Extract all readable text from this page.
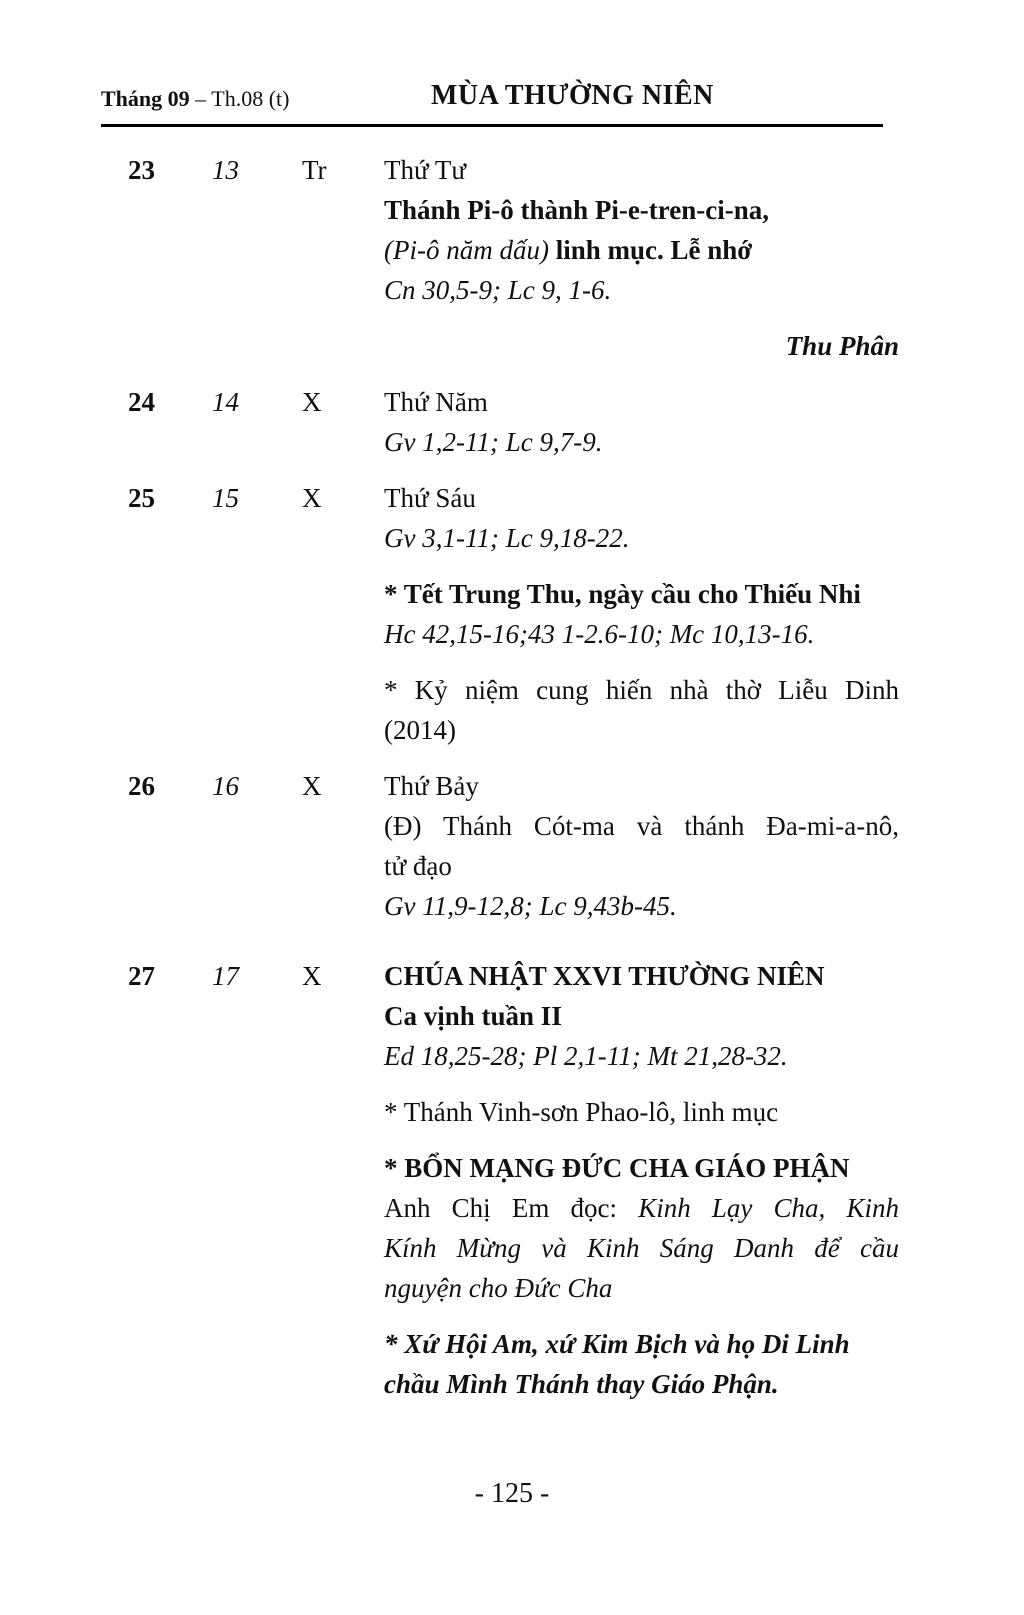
Tháng 09 – Th.08 (t)	MÙA THƯỜNG NIÊN
23	13	Tr	Thứ Tư
Thánh Pi-ô thành Pi-e-tren-ci-na,
(Pi-ô năm dấu) linh mục. Lễ nhớ
Cn 30,5-9; Lc 9, 1-6.
Thu Phân
24	14	X	Thứ Năm
Gv 1,2-11; Lc 9,7-9.
25	15	X	Thứ Sáu
Gv 3,1-11; Lc 9,18-22.
* Tết Trung Thu, ngày cầu cho Thiếu Nhi
Hc 42,15-16;43 1-2.6-10; Mc 10,13-16.
* Kỷ niệm cung hiến nhà thờ Liễu Dinh
(2014)
26	16	X	Thứ Bảy
(Đ) Thánh Cót-ma và thánh Đa-mi-a-nô,
tử đạo
Gv 11,9-12,8; Lc 9,43b-45.
27	17	X	CHÚA NHẬT XXVI THƯỜNG NIÊN
Ca vịnh tuần II
Ed 18,25-28; Pl 2,1-11; Mt 21,28-32.
* Thánh Vinh-sơn Phao-lô, linh mục
* BỔN MẠNG ĐỨC CHA GIÁO PHẬN
Anh Chị Em đọc: Kinh Lạy Cha, Kinh
Kính Mừng và Kinh Sáng Danh để cầu
nguyện cho Đức Cha
* Xứ Hội Am, xứ Kim Bịch và họ Di Linh
chầu Mình Thánh thay Giáo Phận.
- 125 -
